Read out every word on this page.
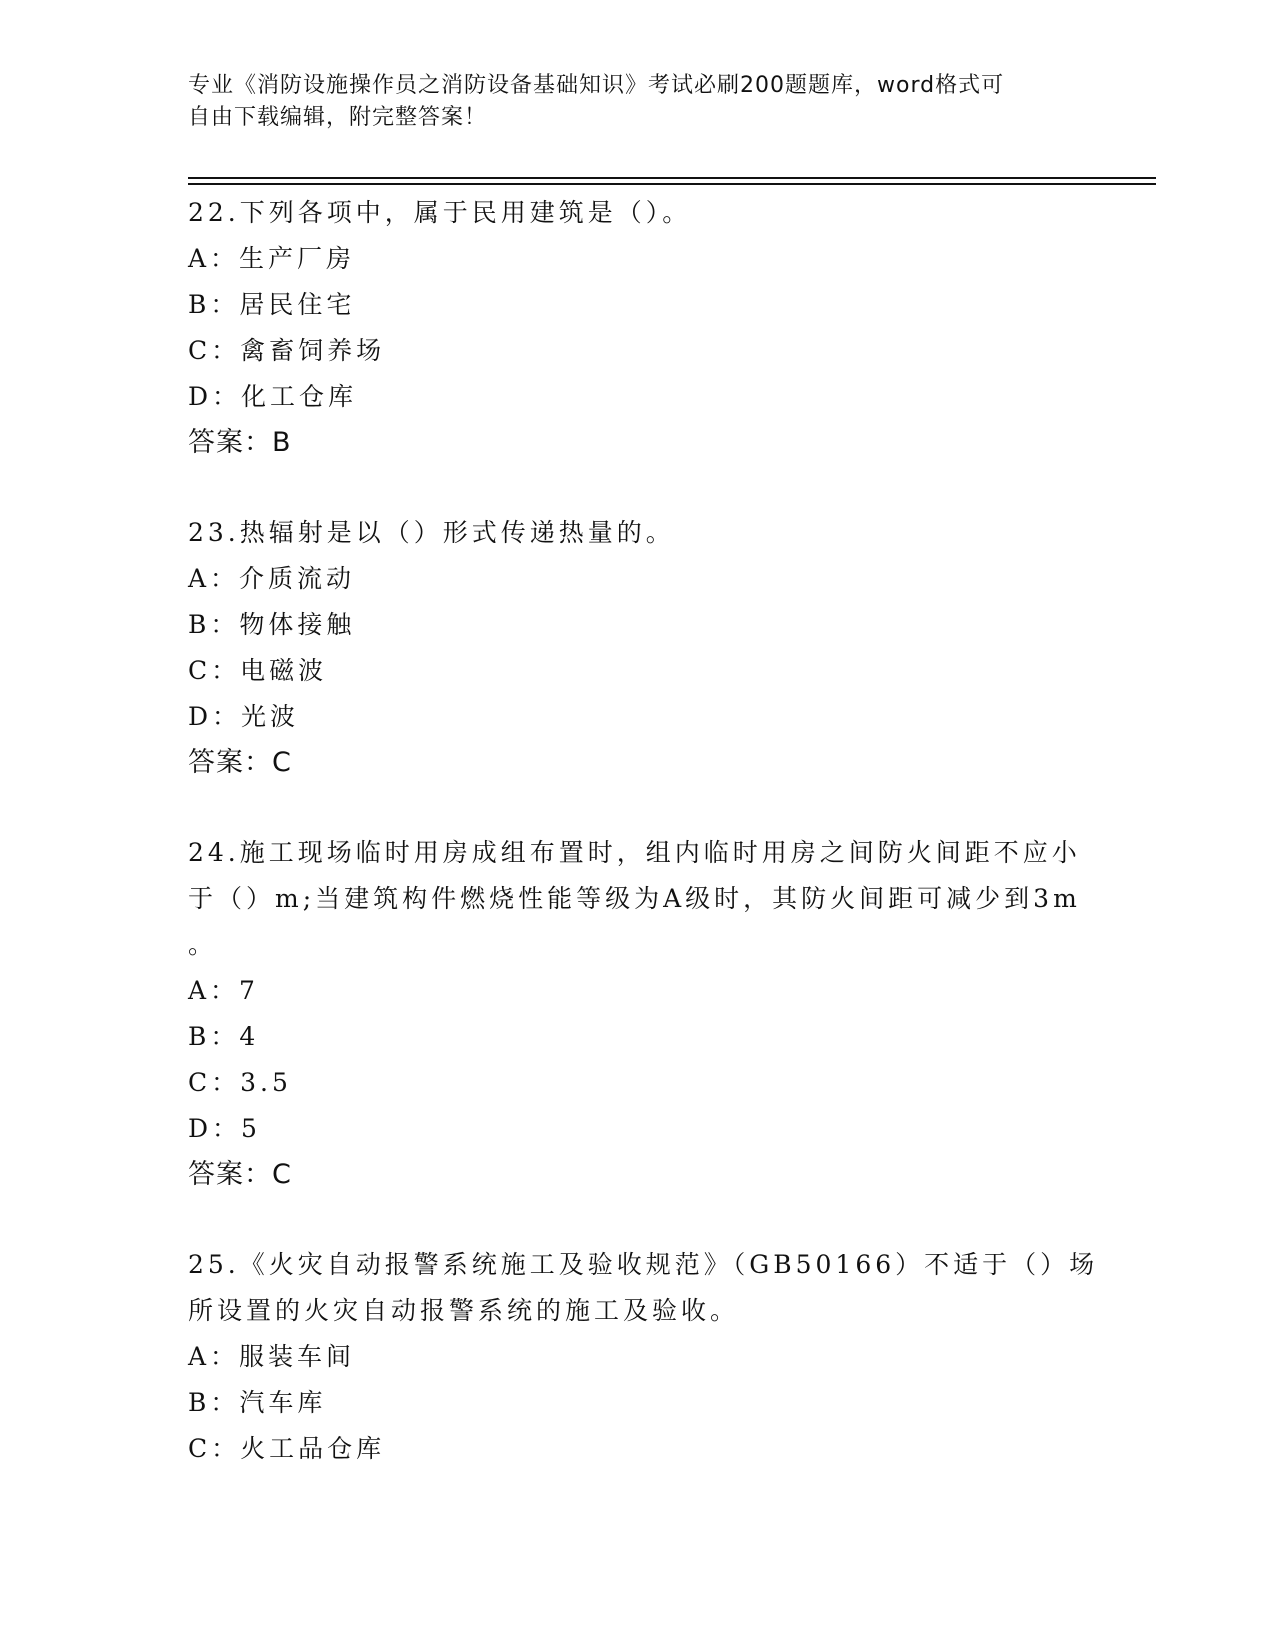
专业《消防设施操作员之消防设备基础知识》考试必刷200题题库，word格式可
自由下载编辑，附完整答案！
22.下列各项中，属于民用建筑是（）。
A：生产厂房
B：居民住宅
C：禽畜饲养场
D：化工仓库
答案：B
23.热辐射是以（）形式传递热量的。
A：介质流动
B：物体接触
C：电磁波
D：光波
答案：C
24.施工现场临时用房成组布置时，组内临时用房之间防火间距不应小
于（）m;当建筑构件燃烧性能等级为A级时，其防火间距可减少到3m
。
A：7
B：4
C：3.5
D：5
答案：C
25.《火灾自动报警系统施工及验收规范》（GB50166）不适于（）场
所设置的火灾自动报警系统的施工及验收。
A：服装车间
B：汽车库
C：火工品仓库
